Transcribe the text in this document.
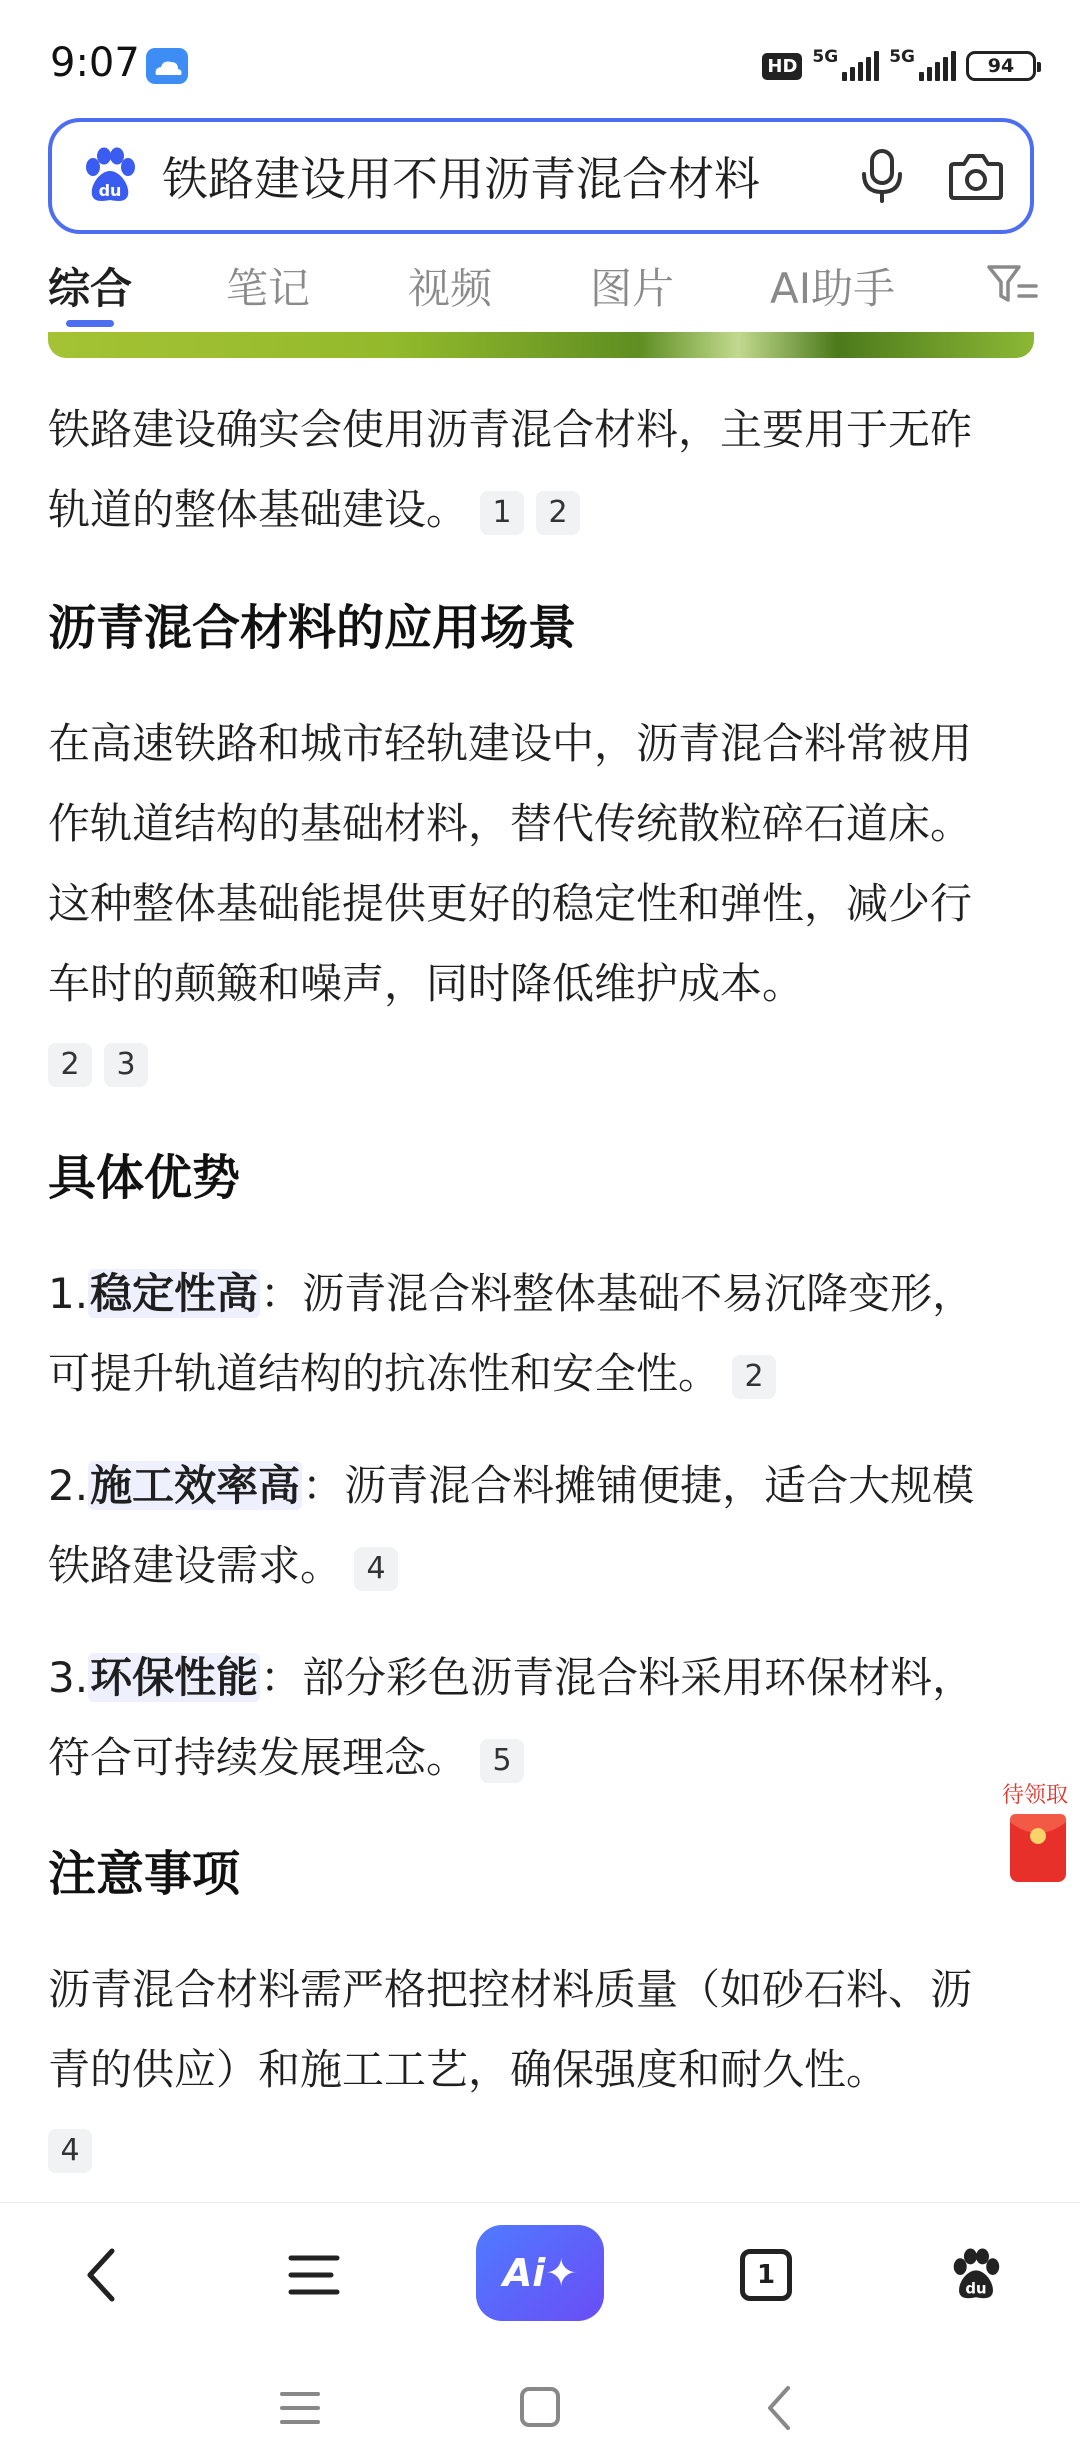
9:07	HD 5G	5G	94
du 铁路建设用不用沥青混合材料
综合 笔记 视频 图片 AI助手
铁路建设确实会使用沥青混合材料，主要用于无砟轨道的整体基础建设。 1 2
沥青混合材料的应用场景
在高速铁路和城市轻轨建设中，沥青混合料常被用作轨道结构的基础材料，替代传统散粒碎石道床。这种整体基础能提供更好的稳定性和弹性，减少行车时的颠簸和噪声，同时降低维护成本。
2 3
具体优势
1.稳定性高：沥青混合料整体基础不易沉降变形，可提升轨道结构的抗冻性和安全性。 2
2.施工效率高：沥青混合料摊铺便捷，适合大规模铁路建设需求。 4
3.环保性能：部分彩色沥青混合料采用环保材料，符合可持续发展理念。 5
注意事项
沥青混合材料需严格把控材料质量（如砂石料、沥青的供应）和施工工艺，确保强度和耐久性。
4
待领取
Ai✦	1	du
